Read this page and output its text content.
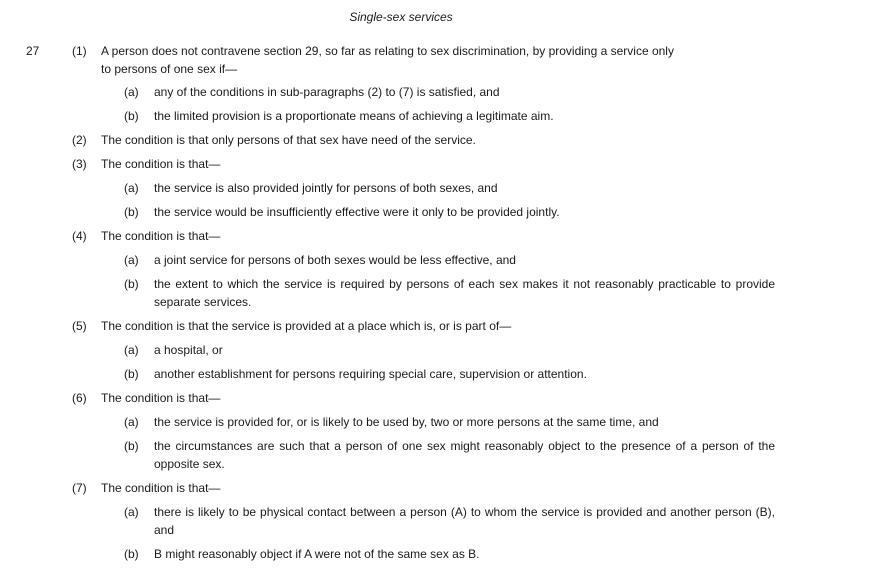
Single-sex services
27	(1) A person does not contravene section 29, so far as relating to sex discrimination, by providing a service only
to persons of one sex if—
(a) any of the conditions in sub-paragraphs (2) to (7) is satisfied, and
(b) the limited provision is a proportionate means of achieving a legitimate aim.
(2) The condition is that only persons of that sex have need of the service.
(3) The condition is that—
(a) the service is also provided jointly for persons of both sexes, and
(b) the service would be insufficiently effective were it only to be provided jointly.
(4) The condition is that—
(a) a joint service for persons of both sexes would be less effective, and
(b) the extent to which the service is required by persons of each sex makes it not reasonably practicable to provide separate services.
(5) The condition is that the service is provided at a place which is, or is part of—
(a) a hospital, or
(b) another establishment for persons requiring special care, supervision or attention.
(6) The condition is that—
(a) the service is provided for, or is likely to be used by, two or more persons at the same time, and
(b) the circumstances are such that a person of one sex might reasonably object to the presence of a person of the opposite sex.
(7) The condition is that—
(a) there is likely to be physical contact between a person (A) to whom the service is provided and another person (B), and
(b) B might reasonably object if A were not of the same sex as B.
